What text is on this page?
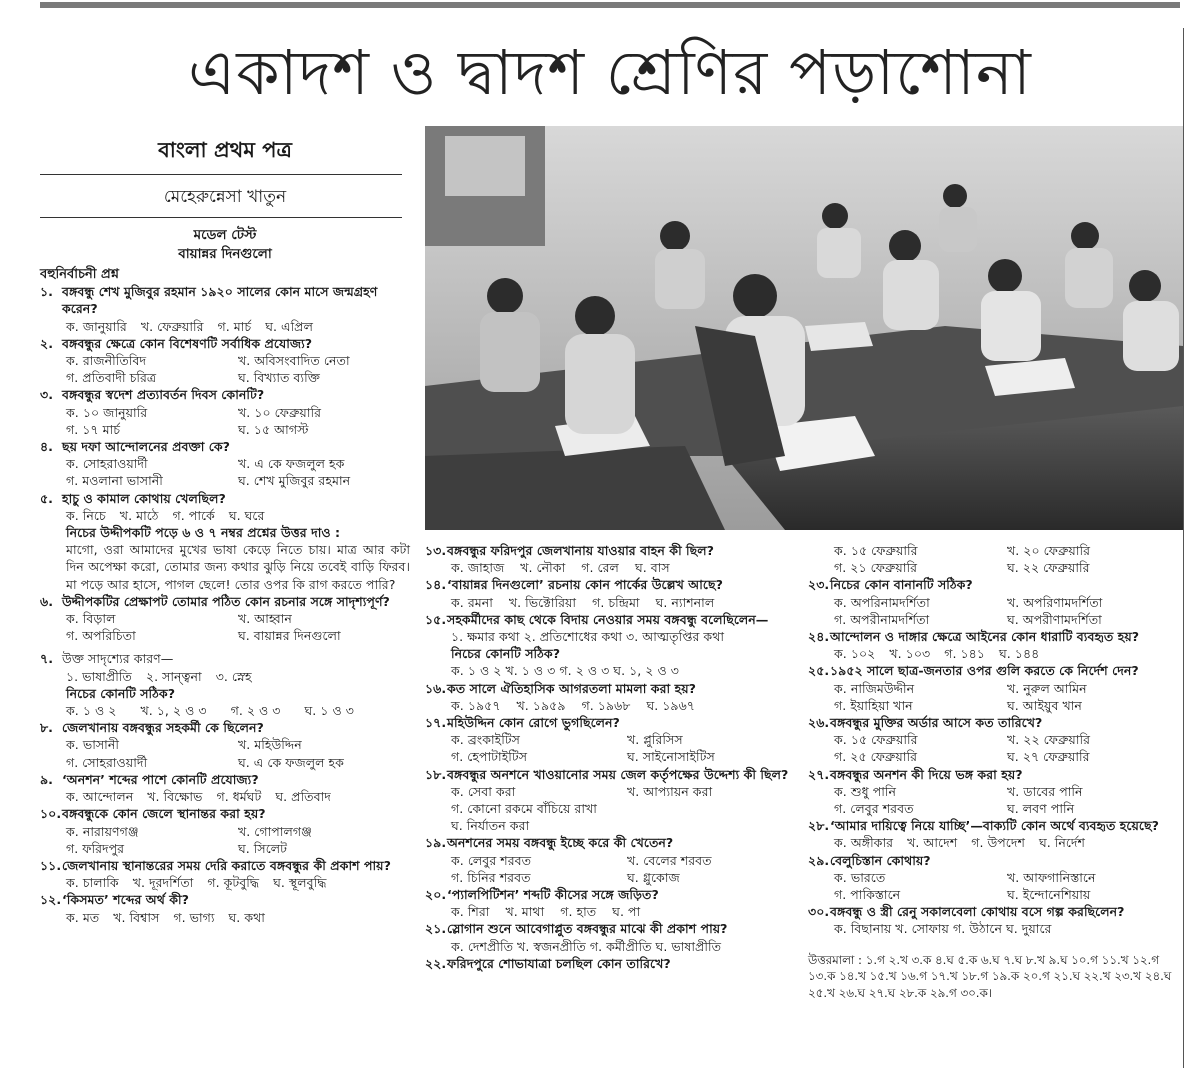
একাদশ ও দ্বাদশ শ্রেণির পড়াশোনা
বাংলা প্রথম পত্র
মেহেরুন্নেসা খাতুন
মডেল টেস্ট
বায়ান্নর দিনগুলো
বহুনির্বাচনী প্রশ্ন
১. বঙ্গবন্ধু শেখ মুজিবুর রহমান ১৯২০ সালের কোন মাসে জন্মগ্রহণ করেন?
ক. জানুয়ারি খ. ফেব্রুয়ারি গ. মার্চ ঘ. এপ্রিল
২. বঙ্গবন্ধুর ক্ষেত্রে কোন বিশেষণটি সর্বাধিক প্রযোজ্য?
ক. রাজনীতিবিদ	খ. অবিসংবাদিত নেতা
গ. প্রতিবাদী চরিত্র	ঘ. বিখ্যাত ব্যক্তি
৩. বঙ্গবন্ধুর স্বদেশ প্রত্যাবর্তন দিবস কোনটি?
ক. ১০ জানুয়ারি	খ. ১০ ফেব্রুয়ারি
গ. ১৭ মার্চ	ঘ. ১৫ আগস্ট
৪. ছয় দফা আন্দোলনের প্রবক্তা কে?
ক. সোহরাওয়ার্দী	খ. এ কে ফজলুল হক
গ. মওলানা ভাসানী	ঘ. শেখ মুজিবুর রহমান
৫. হাচু ও কামাল কোথায় খেলছিল?
ক. নিচে খ. মাঠে গ. পার্কে ঘ. ঘরে
নিচের উদ্দীপকটি পড়ে ৬ ও ৭ নম্বর প্রশ্নের উত্তর দাও :
মাগো, ওরা আমাদের মুখের ভাষা কেড়ে নিতে চায়। মাত্র আর কটা দিন অপেক্ষা করো, তোমার জন্য কথার ঝুড়ি নিয়ে তবেই বাড়ি ফিরব। মা পড়ে আর হাসে, পাগল ছেলে! তোর ওপর কি রাগ করতে পারি?
৬. উদ্দীপকটির প্রেক্ষাপট তোমার পঠিত কোন রচনার সঙ্গে সাদৃশ্যপূর্ণ?
ক. বিড়াল	খ. আহ্বান
গ. অপরিচিতা	ঘ. বায়ান্নর দিনগুলো
৭. উক্ত সাদৃশ্যের কারণ—
১. ভাষাপ্রীতি ২. সান্ত্বনা ৩. স্নেহ
নিচের কোনটি সঠিক?
ক. ১ ও ২ খ. ১, ২ ও ৩ গ. ২ ও ৩ ঘ. ১ ও ৩
৮. জেলখানায় বঙ্গবন্ধুর সহকর্মী কে ছিলেন?
ক. ভাসানী	খ. মহিউদ্দিন
গ. সোহরাওয়ার্দী	ঘ. এ কে ফজলুল হক
৯. ‘অনশন’ শব্দের পাশে কোনটি প্রযোজ্য?
ক. আন্দোলন খ. বিক্ষোভ গ. ধর্মঘট ঘ. প্রতিবাদ
১০. বঙ্গবন্ধুকে কোন জেলে স্থানান্তর করা হয়?
ক. নারায়ণগঞ্জ	খ. গোপালগঞ্জ
গ. ফরিদপুর	ঘ. সিলেট
১১. জেলখানায় স্থানান্তরের সময় দেরি করাতে বঙ্গবন্ধুর কী প্রকাশ পায়?
ক. চালাকি খ. দূরদর্শিতা গ. কূটবুদ্ধি ঘ. স্থূলবুদ্ধি
১২. ‘কিসমত’ শব্দের অর্থ কী?
ক. মত খ. বিশ্বাস গ. ভাগ্য ঘ. কথা
১৩. বঙ্গবন্ধুর ফরিদপুর জেলখানায় যাওয়ার বাহন কী ছিল?
ক. জাহাজ খ. নৌকা গ. রেল ঘ. বাস
১৪. ‘বায়ান্নর দিনগুলো’ রচনায় কোন পার্কের উল্লেখ আছে?
ক. রমনা খ. ভিক্টোরিয়া গ. চন্দ্রিমা ঘ. ন্যাশনাল
১৫. সহকর্মীদের কাছ থেকে বিদায় নেওয়ার সময় বঙ্গবন্ধু বলেছিলেন—
১. ক্ষমার কথা ২. প্রতিশোধের কথা ৩. আত্মতৃপ্তির কথা
নিচের কোনটি সঠিক?
ক. ১ ও ২ খ. ১ ও ৩ গ. ২ ও ৩ ঘ. ১, ২ ও ৩
১৬. কত সালে ঐতিহাসিক আগরতলা মামলা করা হয়?
ক. ১৯৫৭ খ. ১৯৫৯ গ. ১৯৬৮ ঘ. ১৯৬৭
১৭. মহিউদ্দিন কোন রোগে ভুগছিলেন?
ক. ব্রংকাইটিস	খ. প্লুরিসিস
গ. হেপাটাইটিস	ঘ. সাইনোসাইটিস
১৮. বঙ্গবন্ধুর অনশনে খাওয়ানোর সময় জেল কর্তৃপক্ষের উদ্দেশ্য কী ছিল?
ক. সেবা করা	খ. আপ্যায়ন করা
গ. কোনো রকমে বাঁচিয়ে রাখা
ঘ. নির্যাতন করা
১৯. অনশনের সময় বঙ্গবন্ধু ইচ্ছে করে কী খেতেন?
ক. লেবুর শরবত	খ. বেলের শরবত
গ. চিনির শরবত	ঘ. গ্লুকোজ
২০. ‘প্যালপিটিশন’ শব্দটি কীসের সঙ্গে জড়িত?
ক. শিরা খ. মাথা গ. হাত ঘ. পা
২১. স্লোগান শুনে আবেগাপ্লুত বঙ্গবন্ধুর মাঝে কী প্রকাশ পায়?
ক. দেশপ্রীতি খ. স্বজনপ্রীতি গ. কর্মীপ্রীতি ঘ. ভাষাপ্রীতি
২২. ফরিদপুরে শোভাযাত্রা চলছিল কোন তারিখে?
ক. ১৫ ফেব্রুয়ারি	খ. ২০ ফেব্রুয়ারি
গ. ২১ ফেব্রুয়ারি	ঘ. ২২ ফেব্রুয়ারি
২৩. নিচের কোন বানানটি সঠিক?
ক. অপরিনামদর্শিতা	খ. অপরিণামদর্শিতা
গ. অপরীনামদর্শিতা	ঘ. অপরীণামদর্শিতা
২৪. আন্দোলন ও দাঙ্গার ক্ষেত্রে আইনের কোন ধারাটি ব্যবহৃত হয়?
ক. ১০২ খ. ১০৩ গ. ১৪১ ঘ. ১৪৪
২৫. ১৯৫২ সালে ছাত্র-জনতার ওপর গুলি করতে কে নির্দেশ দেন?
ক. নাজিমউদ্দীন	খ. নুরুল আমিন
গ. ইয়াহিয়া খান	ঘ. আইয়ুব খান
২৬. বঙ্গবন্ধুর মুক্তির অর্ডার আসে কত তারিখে?
ক. ১৫ ফেব্রুয়ারি	খ. ২২ ফেব্রুয়ারি
গ. ২৫ ফেব্রুয়ারি	ঘ. ২৭ ফেব্রুয়ারি
২৭. বঙ্গবন্ধুর অনশন কী দিয়ে ভঙ্গ করা হয়?
ক. শুধু পানি	খ. ডাবের পানি
গ. লেবুর শরবত	ঘ. লবণ পানি
২৮. ‘আমার দায়িত্বে নিয়ে যাচ্ছি’—বাক্যটি কোন অর্থে ব্যবহৃত হয়েছে?
ক. অঙ্গীকার খ. আদেশ গ. উপদেশ ঘ. নির্দেশ
২৯. বেলুচিস্তান কোথায়?
ক. ভারতে	খ. আফগানিস্তানে
গ. পাকিস্তানে	ঘ. ইন্দোনেশিয়ায়
৩০. বঙ্গবন্ধু ও স্ত্রী রেনু সকালবেলা কোথায় বসে গল্প করছিলেন?
ক. বিছানায় খ. সোফায় গ. উঠানে ঘ. দুয়ারে
উত্তরমালা : ১.গ ২.খ ৩.ক ৪.ঘ ৫.ক ৬.ঘ ৭.ঘ ৮.খ ৯.ঘ ১০.গ ১১.খ ১২.গ ১৩.ক ১৪.খ ১৫.খ ১৬.গ ১৭.খ ১৮.গ ১৯.ক ২০.গ ২১.ঘ ২২.খ ২৩.খ ২৪.ঘ ২৫.খ ২৬.ঘ ২৭.ঘ ২৮.ক ২৯.গ ৩০.ক।
